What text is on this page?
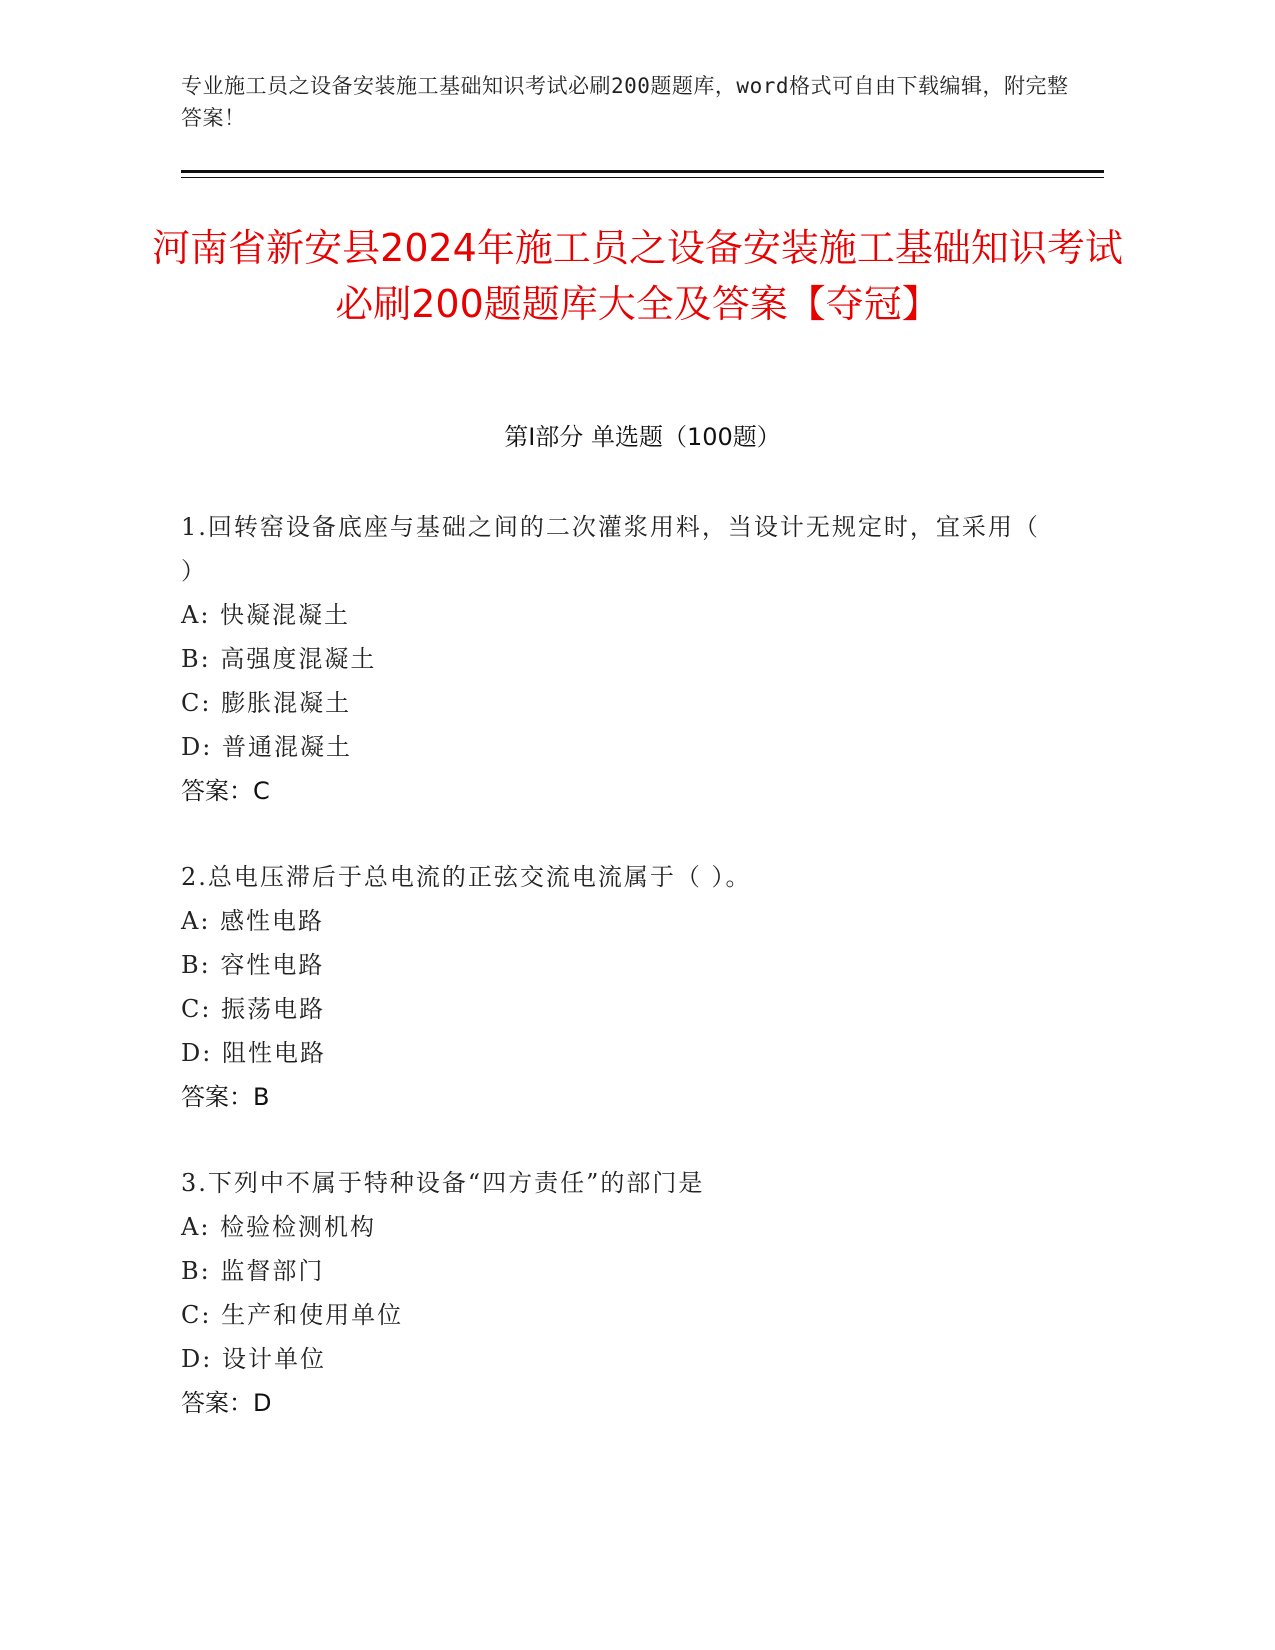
专业施工员之设备安装施工基础知识考试必刷200题题库，word格式可自由下载编辑，附完整答案！
河南省新安县2024年施工员之设备安装施工基础知识考试必刷200题题库大全及答案【夺冠】
第I部分 单选题（100题）
1.回转窑设备底座与基础之间的二次灌浆用料，当设计无规定时，宜采用（ ）
A: 快凝混凝土
B: 高强度混凝土
C: 膨胀混凝土
D: 普通混凝土
答案：C
2.总电压滞后于总电流的正弦交流电流属于（ ）。
A: 感性电路
B: 容性电路
C: 振荡电路
D: 阻性电路
答案：B
3.下列中不属于特种设备“四方责任”的部门是
A: 检验检测机构
B: 监督部门
C: 生产和使用单位
D: 设计单位
答案：D
